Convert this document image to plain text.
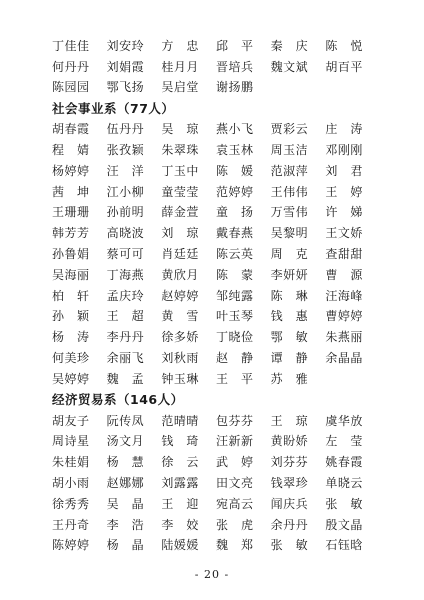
丁佳佳	刘安玲	方　忠	邱　平	秦　庆	陈　悦
何丹丹	刘娟霞	桂月月	晋培兵	魏文斌	胡百平
陈园园	鄂飞扬	吴启堂	谢扬鹏
社会事业系（77人）
胡春霞	伍丹丹	吴　琼	燕小飞	贾彩云	庄　涛
程　婧	张孜颖	朱翠珠	袁玉林	周玉洁	邓刚刚
杨婷婷	汪　洋	丁玉中	陈　媛	范淑萍	刘　君
茜　坤	江小柳	童莹莹	范婷婷	王伟伟	王　婷
王珊珊	孙前明	薛金萱	童　扬	万雪伟	许　娣
韩芳芳	高晓波	刘　琼	戴春燕	吴黎明	王文娇
孙鲁娟	蔡可可	肖廷廷	陈云英	周　克	查甜甜
吴海丽	丁海燕	黄欣月	陈　蒙	李妍妍	曹　源
柏　轩	孟庆玲	赵婷婷	邹纯露	陈　琳	汪海峰
孙　颖	王　超	黄　雪	叶玉琴	钱　惠	曹婷婷
杨　涛	李丹丹	徐多娇	丁晓俭	鄂　敏	朱燕丽
何美珍	余丽飞	刘秋雨	赵　静	谭　静	余晶晶
吴婷婷	魏　孟	钟玉琳	王　平	苏　雅
经济贸易系（146人）
胡友子	阮传凤	范晴晴	包芬芬	王　琼	虞华放
周诗星	汤文月	钱　琦	汪新新	黄盼娇	左　莹
朱桂娟	杨　慧	徐　云	武　婷	刘芬芬	姚春霞
胡小雨	赵娜娜	刘露露	田文亮	钱翠珍	单晓云
徐秀秀	吴　晶	王　迎	宛高云	闻庆兵	张　敏
王丹奇	李　浩	李　姣	张　虎	余丹丹	殷文晶
陈婷婷	杨　晶	陆媛媛	魏　郑	张　敏	石钰晗
- 20 -
